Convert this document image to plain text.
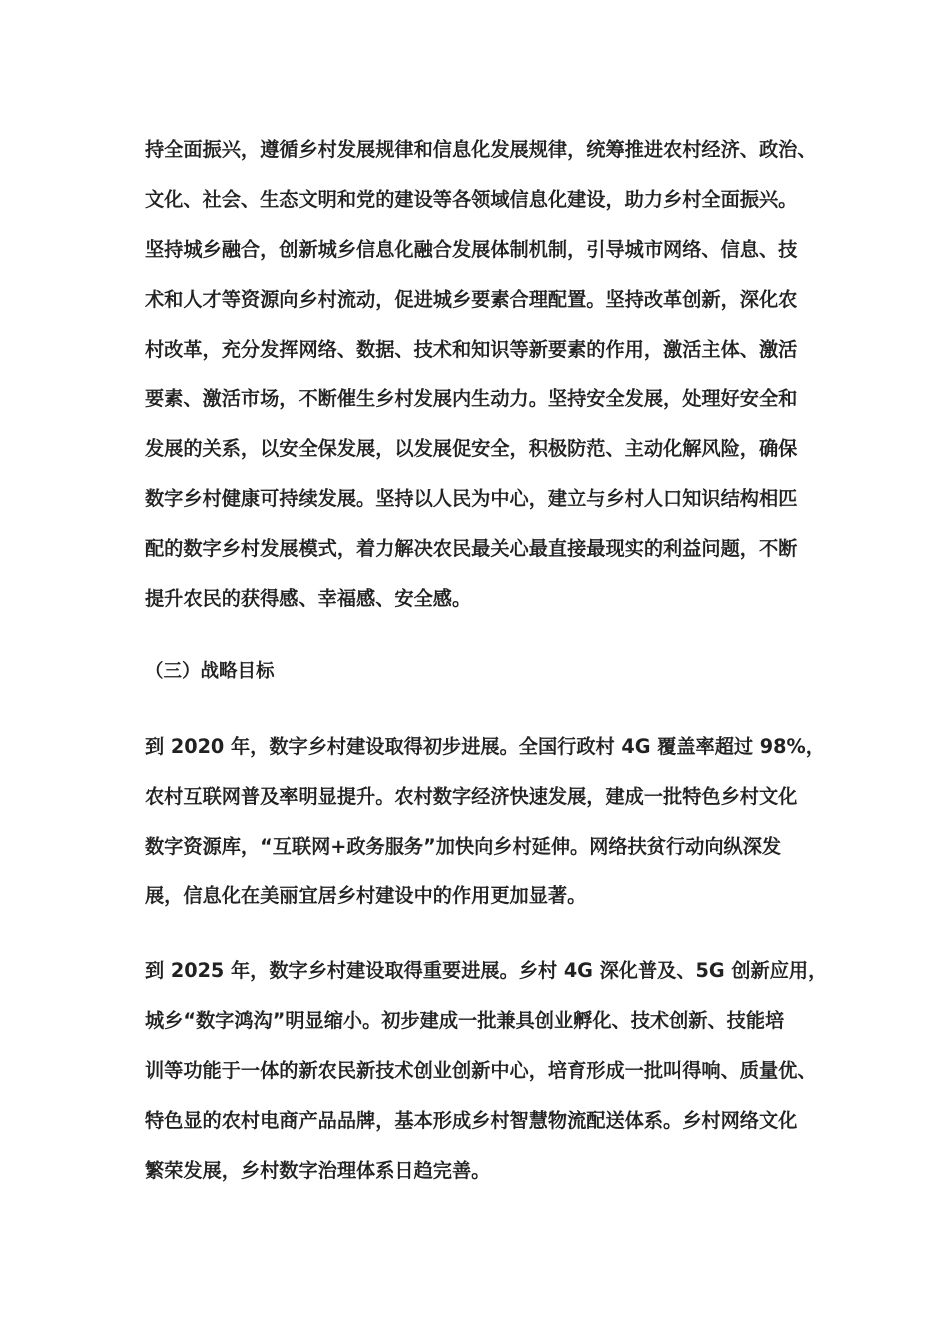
持全面振兴，遵循乡村发展规律和信息化发展规律，统筹推进农村经济、政治、
文化、社会、生态文明和党的建设等各领域信息化建设，助力乡村全面振兴。
坚持城乡融合，创新城乡信息化融合发展体制机制，引导城市网络、信息、技
术和人才等资源向乡村流动，促进城乡要素合理配置。坚持改革创新，深化农
村改革，充分发挥网络、数据、技术和知识等新要素的作用，激活主体、激活
要素、激活市场，不断催生乡村发展内生动力。坚持安全发展，处理好安全和
发展的关系，以安全保发展，以发展促安全，积极防范、主动化解风险，确保
数字乡村健康可持续发展。坚持以人民为中心，建立与乡村人口知识结构相匹
配的数字乡村发展模式，着力解决农民最关心最直接最现实的利益问题，不断
提升农民的获得感、幸福感、安全感。
（三）战略目标
到 2020 年，数字乡村建设取得初步进展。全国行政村 4G 覆盖率超过 98%，
农村互联网普及率明显提升。农村数字经济快速发展，建成一批特色乡村文化
数字资源库，“互联网+政务服务”加快向乡村延伸。网络扶贫行动向纵深发
展，信息化在美丽宜居乡村建设中的作用更加显著。
到 2025 年，数字乡村建设取得重要进展。乡村 4G 深化普及、5G 创新应用，
城乡“数字鸿沟”明显缩小。初步建成一批兼具创业孵化、技术创新、技能培
训等功能于一体的新农民新技术创业创新中心，培育形成一批叫得响、质量优、
特色显的农村电商产品品牌，基本形成乡村智慧物流配送体系。乡村网络文化
繁荣发展，乡村数字治理体系日趋完善。
